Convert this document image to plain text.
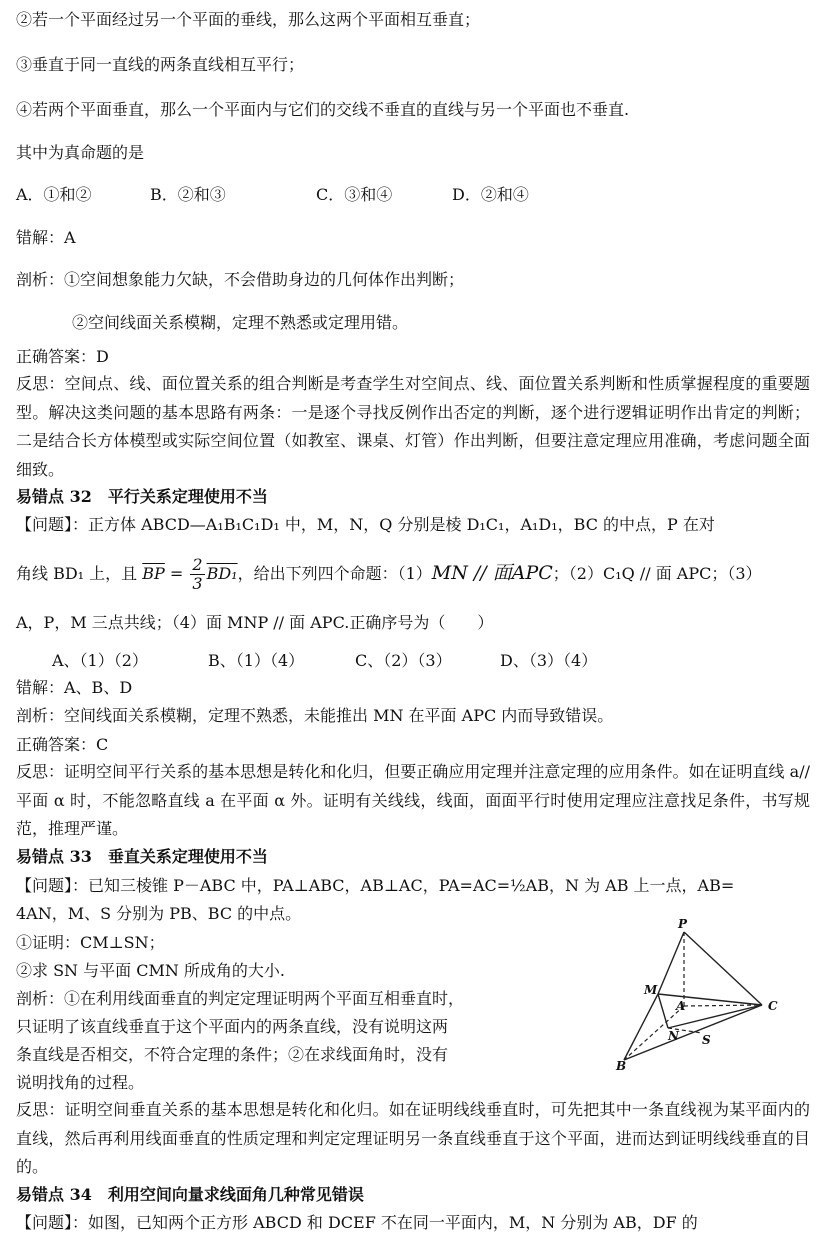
②若一个平面经过另一个平面的垂线，那么这两个平面相互垂直；
③垂直于同一直线的两条直线相互平行；
④若两个平面垂直，那么一个平面内与它们的交线不垂直的直线与另一个平面也不垂直.
其中为真命题的是
A．①和②	B．②和③	C．③和④	D．②和④
错解：A
剖析：①空间想象能力欠缺，不会借助身边的几何体作出判断；
②空间线面关系模糊，定理不熟悉或定理用错。
正确答案：D
反思：空间点、线、面位置关系的组合判断是考查学生对空间点、线、面位置关系判断和性质掌握程度的重要题型。解决这类问题的基本思路有两条：一是逐个寻找反例作出否定的判断，逐个进行逻辑证明作出肯定的判断；二是结合长方体模型或实际空间位置（如教室、课桌、灯管）作出判断，但要注意定理应用准确，考虑问题全面细致。
易错点 32　平行关系定理使用不当
【问题】：正方体 ABCD—A₁B₁C₁D₁ 中，M，N，Q 分别是棱 D₁C₁，A₁D₁，BC 的中点，P 在对
角线 BD₁ 上，且 $\overline{BP} = \frac{2}{3} BD_1$，给出下列四个命题：（1）MN // 面APC；（2）C₁Q // 面 APC；（3）
A，P，M 三点共线；（4）面 MNP // 面 APC.正确序号为（　　）
A、（1）（2）	B、（1）（4）	C、（2）（3）	D、（3）（4）
错解：A、B、D
剖析：空间线面关系模糊，定理不熟悉，未能推出 MN 在平面 APC 内而导致错误。
正确答案：C
反思：证明空间平行关系的基本思想是转化和化归，但要正确应用定理并注意定理的应用条件。如在证明直线 a//平面 α 时，不能忽略直线 a 在平面 α 外。证明有关线线，线面，面面平行时使用定理应注意找足条件，书写规范，推理严谨。
易错点 33　垂直关系定理使用不当
【问题】：已知三棱锥 P－ABC 中，PA⊥ABC，AB⊥AC，PA=AC=½AB，N 为 AB 上一点，AB=
4AN，M、S 分别为 PB、BC 的中点。
①证明：CM⊥SN；
②求 SN 与平面 CMN 所成角的大小.
剖析：①在利用线面垂直的判定定理证明两个平面互相垂直时，
只证明了该直线垂直于这个平面内的两条直线，没有说明这两
条直线是否相交，不符合定理的条件；②在求线面角时，没有
说明找角的过程。
P
M
A	C
N S
B
反思：证明空间垂直关系的基本思想是转化和化归。如在证明线线垂直时，可先把其中一条直线视为某平面内的直线，然后再利用线面垂直的性质定理和判定定理证明另一条直线垂直于这个平面，进而达到证明线线垂直的目的。
易错点 34　利用空间向量求线面角几种常见错误
【问题】：如图，已知两个正方形 ABCD 和 DCEF 不在同一平面内，M，N 分别为 AB，DF 的
